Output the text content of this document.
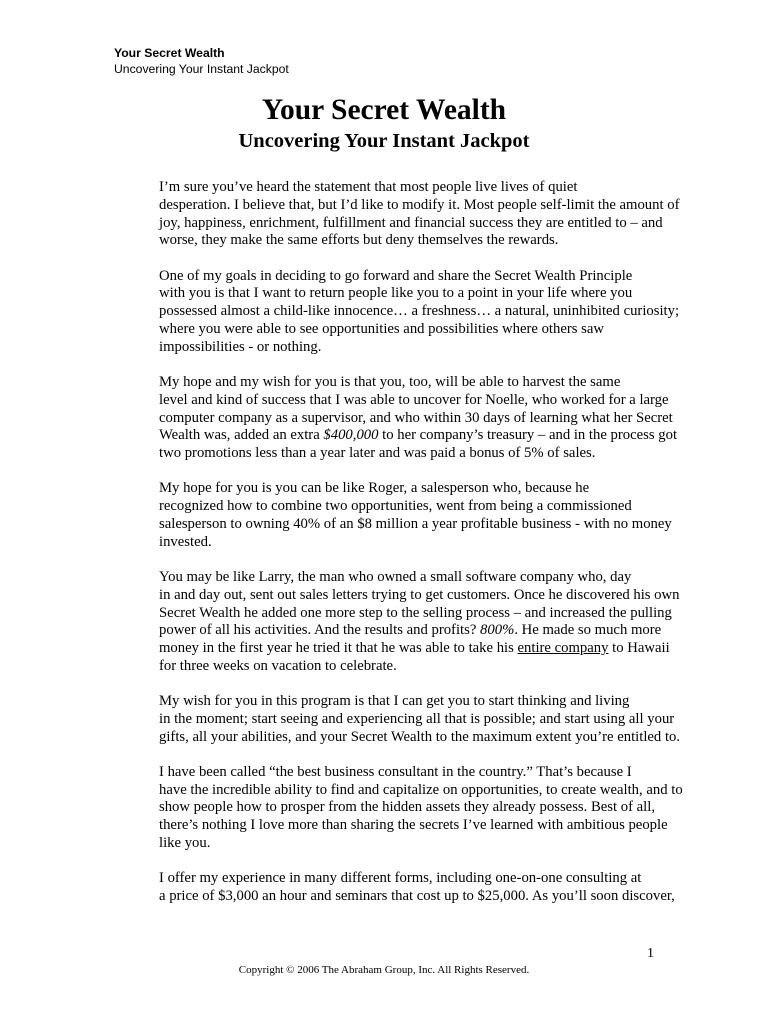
Your Secret Wealth
Uncovering Your Instant Jackpot
Your Secret Wealth
Uncovering Your Instant Jackpot

I’m sure you’ve heard the statement that most people live lives of quiet
desperation. I believe that, but I’d like to modify it. Most people self-limit the amount of
joy, happiness, enrichment, fulfillment and financial success they are entitled to – and
worse, they make the same efforts but deny themselves the rewards.

One of my goals in deciding to go forward and share the Secret Wealth Principle
with you is that I want to return people like you to a point in your life where you
possessed almost a child-like innocence… a freshness… a natural, uninhibited curiosity;
where you were able to see opportunities and possibilities where others saw
impossibilities - or nothing.

My hope and my wish for you is that you, too, will be able to harvest the same
level and kind of success that I was able to uncover for Noelle, who worked for a large
computer company as a supervisor, and who within 30 days of learning what her Secret
Wealth was, added an extra $400,000 to her company’s treasury – and in the process got
two promotions less than a year later and was paid a bonus of 5% of sales.

My hope for you is you can be like Roger, a salesperson who, because he
recognized how to combine two opportunities, went from being a commissioned
salesperson to owning 40% of an $8 million a year profitable business - with no money
invested.

You may be like Larry, the man who owned a small software company who, day
in and day out, sent out sales letters trying to get customers. Once he discovered his own
Secret Wealth he added one more step to the selling process – and increased the pulling
power of all his activities. And the results and profits? 800%. He made so much more
money in the first year he tried it that he was able to take his entire company to Hawaii
for three weeks on vacation to celebrate.

My wish for you in this program is that I can get you to start thinking and living
in the moment; start seeing and experiencing all that is possible; and start using all your
gifts, all your abilities, and your Secret Wealth to the maximum extent you’re entitled to.

I have been called “the best business consultant in the country.” That’s because I
have the incredible ability to find and capitalize on opportunities, to create wealth, and to
show people how to prosper from the hidden assets they already possess. Best of all,
there’s nothing I love more than sharing the secrets I’ve learned with ambitious people
like you.

I offer my experience in many different forms, including one-on-one consulting at
a price of $3,000 an hour and seminars that cost up to $25,000. As you’ll soon discover,

1
Copyright © 2006 The Abraham Group, Inc. All Rights Reserved.
